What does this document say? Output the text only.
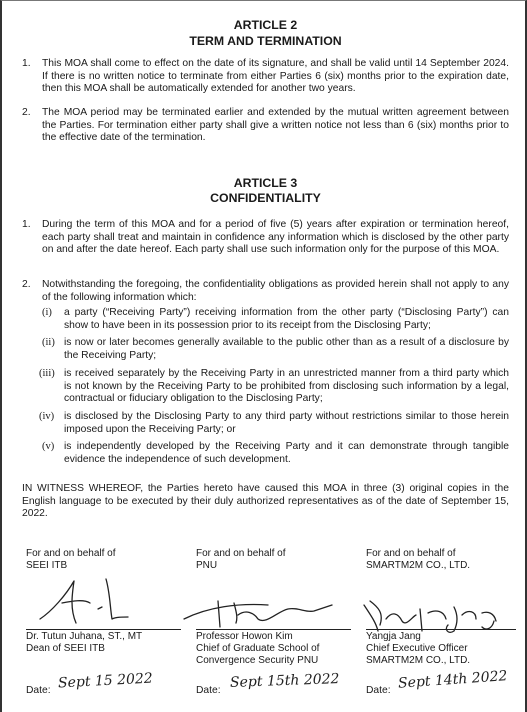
ARTICLE 2
TERM AND TERMINATION
1. This MOA shall come to effect on the date of its signature, and shall be valid until 14 September 2024. If there is no written notice to terminate from either Parties 6 (six) months prior to the expiration date, then this MOA shall be automatically extended for another two years.
2. The MOA period may be terminated earlier and extended by the mutual written agreement between the Parties. For termination either party shall give a written notice not less than 6 (six) months prior to the effective date of the termination.
ARTICLE 3
CONFIDENTIALITY
1. During the term of this MOA and for a period of five (5) years after expiration or termination hereof, each party shall treat and maintain in confidence any information which is disclosed by the other party on and after the date hereof. Each party shall use such information only for the purpose of this MOA.
2. Notwithstanding the foregoing, the confidentiality obligations as provided herein shall not apply to any of the following information which:
(i) a party (“Receiving Party”) receiving information from the other party (“Disclosing Party”) can show to have been in its possession prior to its receipt from the Disclosing Party;
(ii) is now or later becomes generally available to the public other than as a result of a disclosure by the Receiving Party;
(iii) is received separately by the Receiving Party in an unrestricted manner from a third party which is not known by the Receiving Party to be prohibited from disclosing such information by a legal, contractual or fiduciary obligation to the Disclosing Party;
(iv) is disclosed by the Disclosing Party to any third party without restrictions similar to those herein imposed upon the Receiving Party; or
(v) is independently developed by the Receiving Party and it can demonstrate through tangible evidence the independence of such development.
IN WITNESS WHEREOF, the Parties hereto have caused this MOA in three (3) original copies in the English language to be executed by their duly authorized representatives as of the date of September 15, 2022.
For and on behalf of
SEEI ITB
Dr. Tutun Juhana, ST., MT
Dean of SEEI ITB
Date: Sept 15 2022
For and on behalf of
PNU
Professor Howon Kim
Chief of Graduate School of
Convergence Security PNU
Date: Sept 15th 2022
For and on behalf of
SMARTM2M CO., LTD.
Yangja Jang
Chief Executive Officer
SMARTM2M CO., LTD.
Date: Sept 14th 2022
